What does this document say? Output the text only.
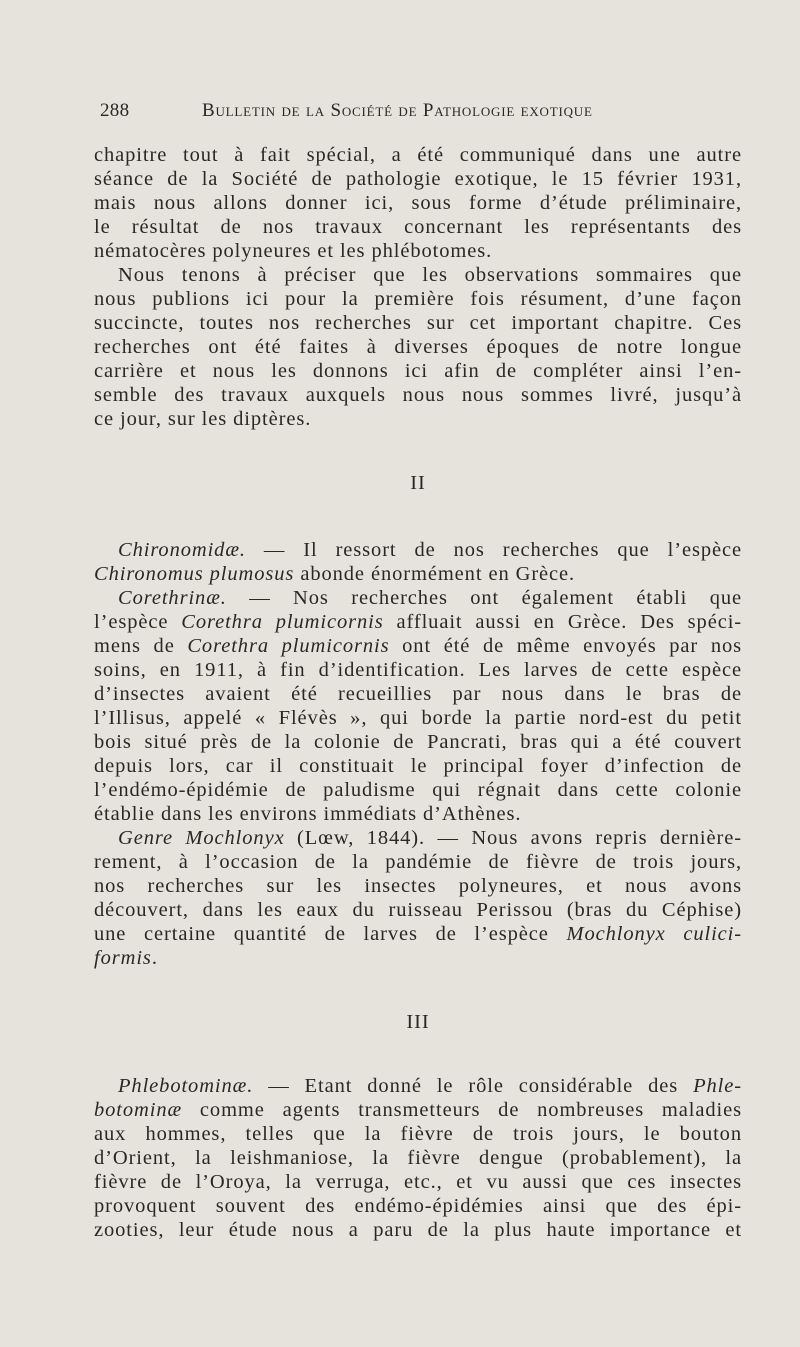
288	Bulletin de la Société de Pathologie exotique

chapitre tout à fait spécial, a été communiqué dans une autre

séance de la Société de pathologie exotique, le 15 février 1931,

mais nous allons donner ici, sous forme d’étude préliminaire,

le résultat de nos travaux concernant les représentants des

nématocères polyneures et les phlébotomes.

Nous tenons à préciser que les observations sommaires que

nous publions ici pour la première fois résument, d’une façon

succincte, toutes nos recherches sur cet important chapitre. Ces

recherches ont été faites à diverses époques de notre longue

carrière et nous les donnons ici afin de compléter ainsi l’en-

semble des travaux auxquels nous nous sommes livré, jusqu’à

ce jour, sur les diptères.

II

Chironomidæ. — Il ressort de nos recherches que l’espèce

Chironomus plumosus abonde énormément en Grèce.

Corethrinæ. — Nos recherches ont également établi que

l’espèce Corethra plumicornis affluait aussi en Grèce. Des spéci-

mens de Corethra plumicornis ont été de même envoyés par nos

soins, en 1911, à fin d’identification. Les larves de cette espèce

d’insectes avaient été recueillies par nous dans le bras de

l’Illisus, appelé « Flévès », qui borde la partie nord-est du petit

bois situé près de la colonie de Pancrati, bras qui a été couvert

depuis lors, car il constituait le principal foyer d’infection de

l’endémo-épidémie de paludisme qui régnait dans cette colonie

établie dans les environs immédiats d’Athènes.

Genre Mochlonyx (Lœw, 1844). — Nous avons repris dernière-

rement, à l’occasion de la pandémie de fièvre de trois jours,

nos recherches sur les insectes polyneures, et nous avons

découvert, dans les eaux du ruisseau Perissou (bras du Céphise)

une certaine quantité de larves de l’espèce Mochlonyx culici-

formis.

III

Phlebotominæ. — Etant donné le rôle considérable des Phle-

botominæ comme agents transmetteurs de nombreuses maladies

aux hommes, telles que la fièvre de trois jours, le bouton

d’Orient, la leishmaniose, la fièvre dengue (probablement), la

fièvre de l’Oroya, la verruga, etc., et vu aussi que ces insectes

provoquent souvent des endémo-épidémies ainsi que des épi-

zooties, leur étude nous a paru de la plus haute importance et
